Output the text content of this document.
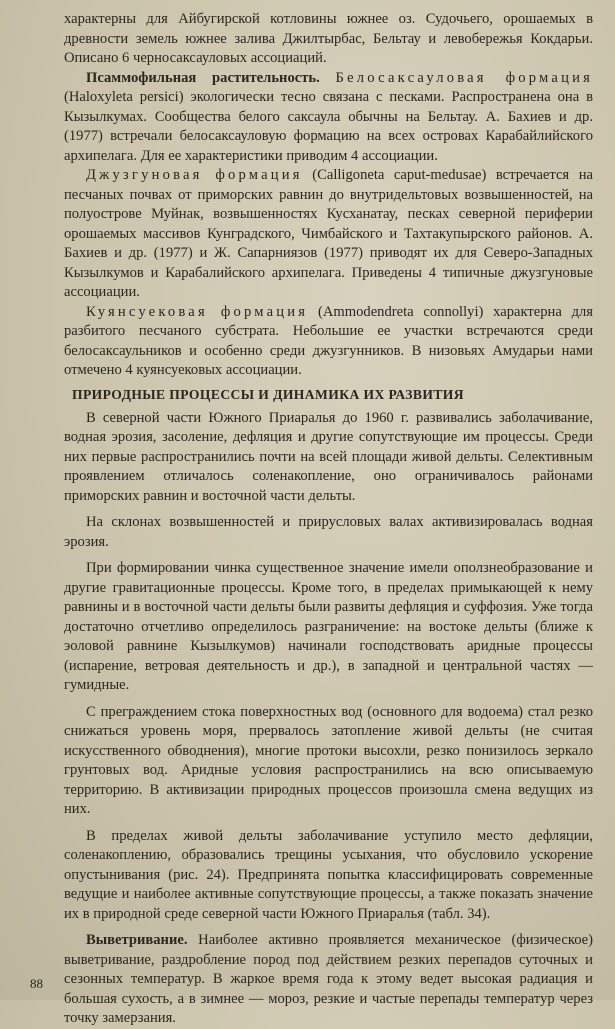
характерны для Айбугирской котловины южнее оз. Судочьего, орошаемых в древности земель южнее залива Джилтырбас, Бельтау и левобережья Кокдарьи. Описано 6 черносаксауловых ассоциаций.

Псаммофильная растительность. Белосаксауловая формация (Haloxyleta persici) экологически тесно связана с песками. Распространена она в Кызылкумах. Сообщества белого саксаула обычны на Бельтау. А. Бахиев и др. (1977) встречали белосаксауловую формацию на всех островах Карабайлийского архипелага. Для ее характеристики приводим 4 ассоциации.

Джузгуновая формация (Calligoneta caput-medusae) встречается на песчаных почвах от приморских равнин до внутридельтовых возвышенностей, на полуострове Муйнак, возвышенностях Кусханатау, песках северной периферии орошаемых массивов Кунградского, Чимбайского и Тахтакупырского районов. А. Бахиев и др. (1977) и Ж. Сапарниязов (1977) приводят их для Северо-Западных Кызылкумов и Карабалийского архипелага. Приведены 4 типичные джузгуновые ассоциации.

Куянсуековая формация (Ammodendreta connollyi) характерна для разбитого песчаного субстрата. Небольшие ее участки встречаются среди белосаксаульников и особенно среди джузгунников. В низовьях Амударьи нами отмечено 4 куянсуековых ассоциации.

ПРИРОДНЫЕ ПРОЦЕССЫ И ДИНАМИКА ИХ РАЗВИТИЯ

В северной части Южного Приаралья до 1960 г. развивались заболачивание, водная эрозия, засоление, дефляция и другие сопутствующие им процессы. Среди них первые распространились почти на всей площади живой дельты. Селективным проявлением отличалось соленакопление, оно ограничивалось районами приморских равнин и восточной части дельты.

На склонах возвышенностей и прирусловых валах активизировалась водная эрозия.

При формировании чинка существенное значение имели оползнеобразование и другие гравитационные процессы. Кроме того, в пределах примыкающей к нему равнины и в восточной части дельты были развиты дефляция и суффозия. Уже тогда достаточно отчетливо определилось разграничение: на востоке дельты (ближе к эоловой равнине Кызылкумов) начинали господствовать аридные процессы (испарение, ветровая деятельность и др.), в западной и центральной частях — гумидные.

С преграждением стока поверхностных вод (основного для водоема) стал резко снижаться уровень моря, прервалось затопление живой дельты (не считая искусственного обводнения), многие протоки высохли, резко понизилось зеркало грунтовых вод. Аридные условия распространились на всю описываемую территорию. В активизации природных процессов произошла смена ведущих из них.

В пределах живой дельты заболачивание уступило место дефляции, соленакоплению, образовались трещины усыхания, что обусловило ускорение опустынивания (рис. 24). Предпринята попытка классифицировать современные ведущие и наиболее активные сопутствующие процессы, а также показать значение их в природной среде северной части Южного Приаралья (табл. 34).

Выветривание. Наиболее активно проявляется механическое (физическое) выветривание, раздробление пород под действием резких перепадов суточных и сезонных температур. В жаркое время года к этому ведет высокая радиация и большая сухость, а в зимнее — мороз, резкие и частые перепады температур через точку замерзания.

88
